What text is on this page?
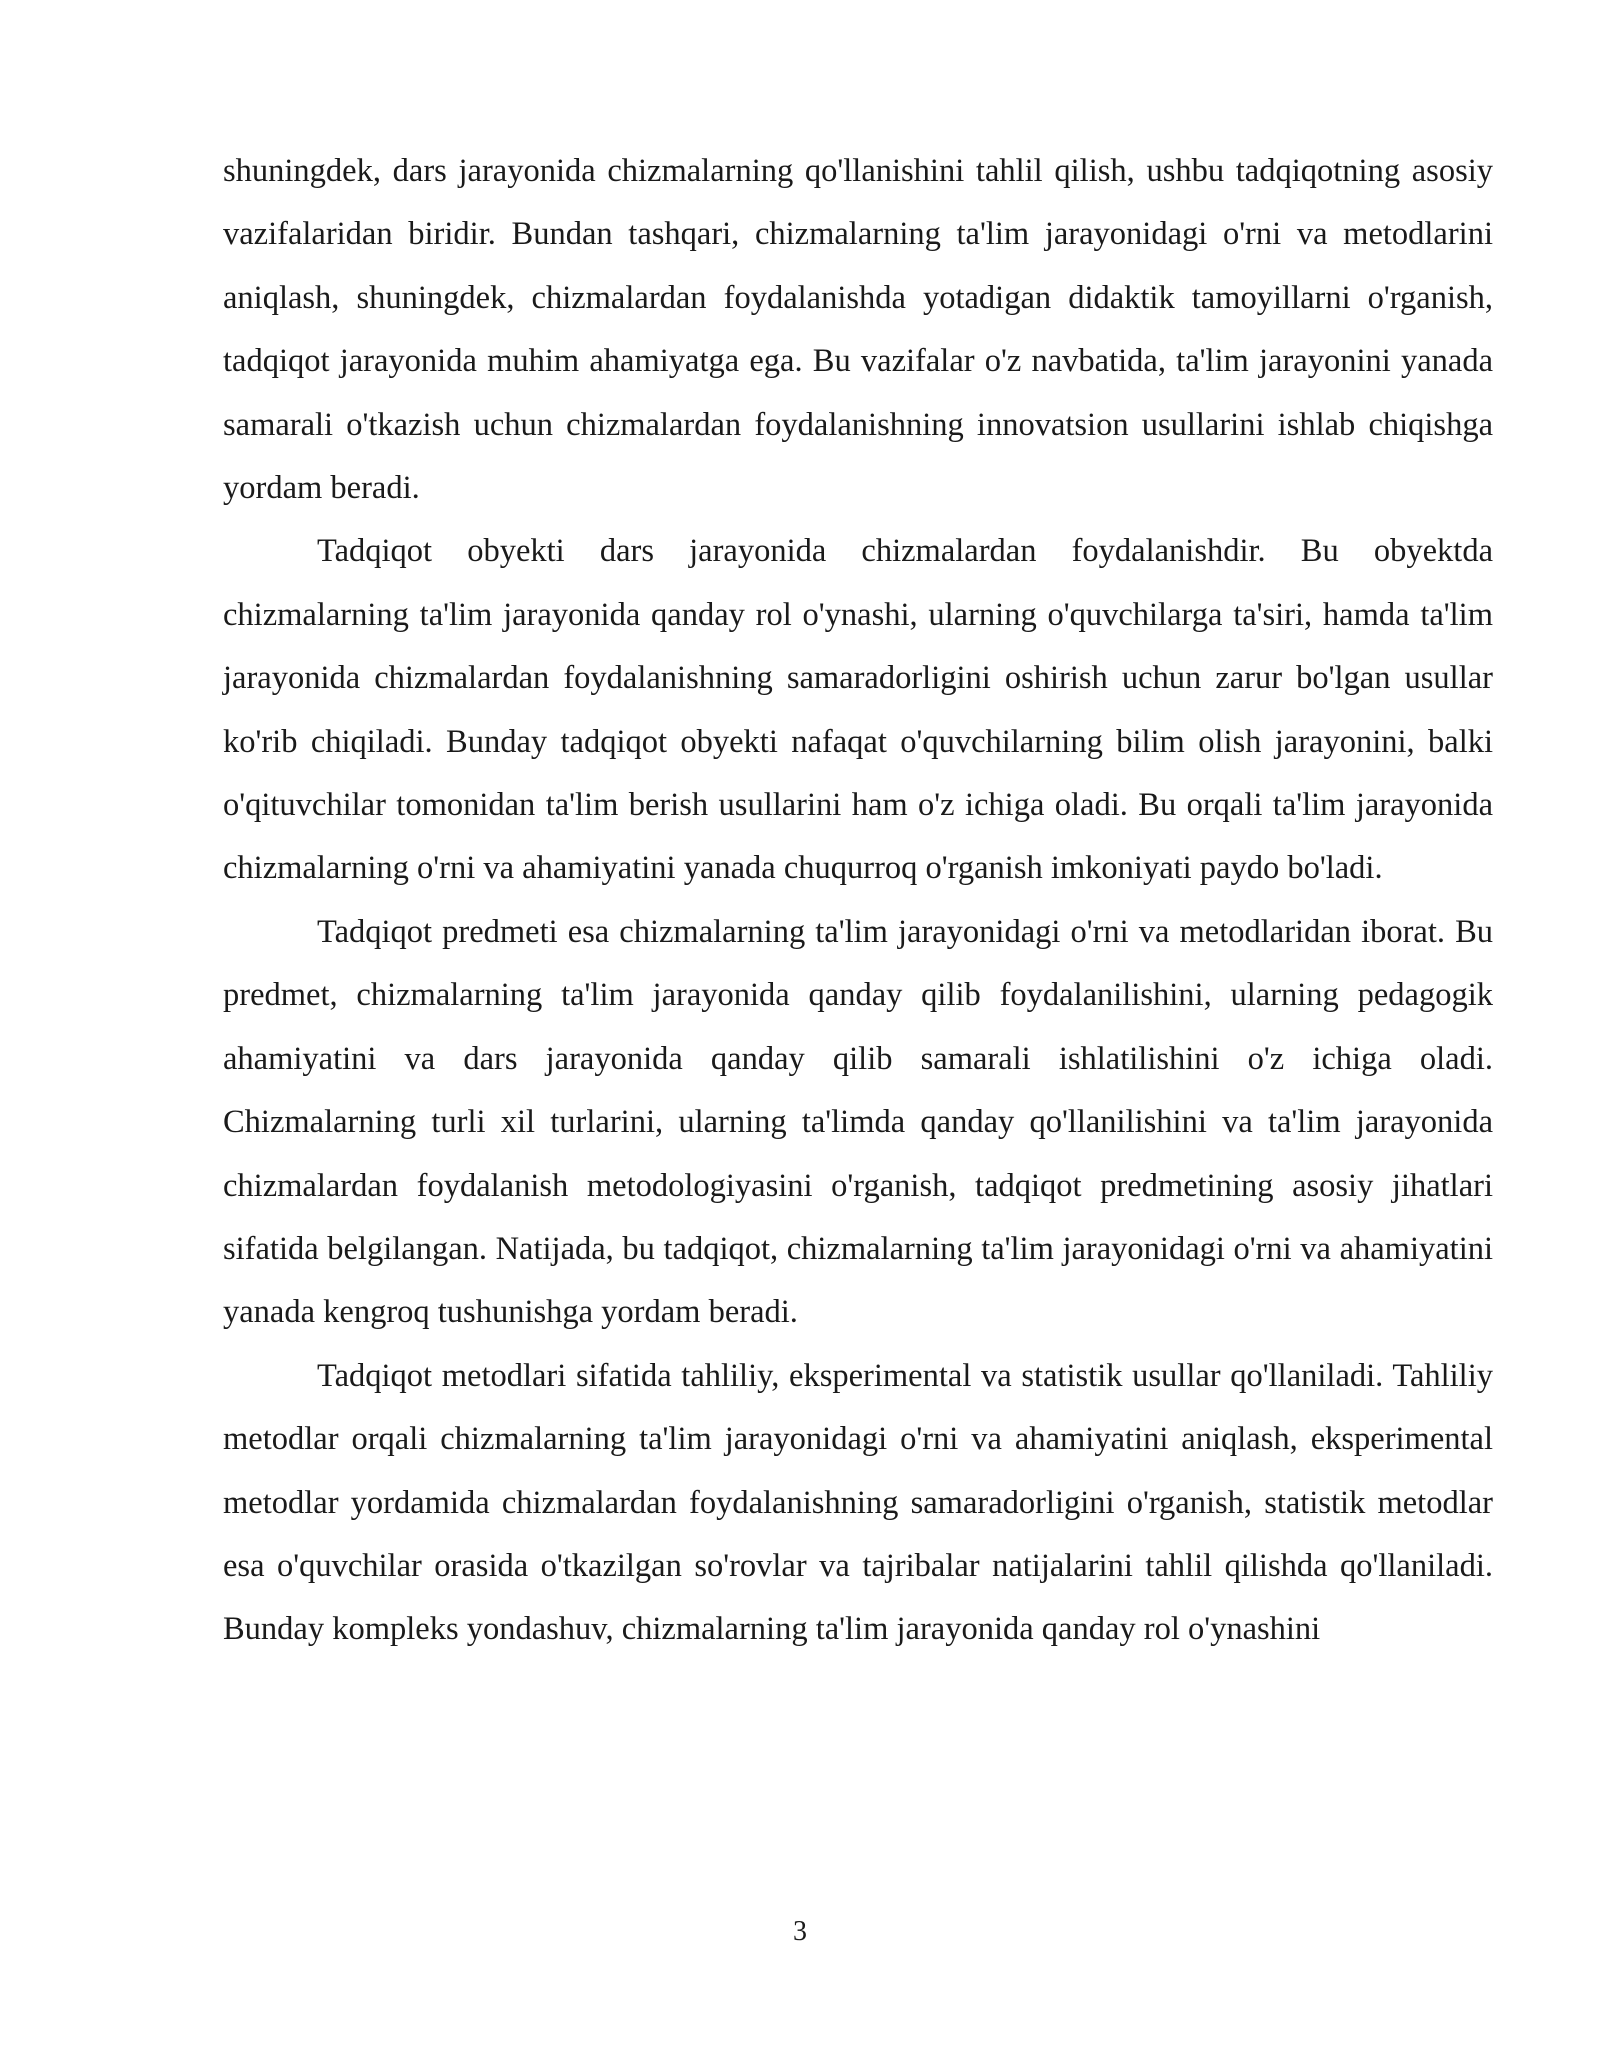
shuningdek, dars jarayonida chizmalarning qo'llanishini tahlil qilish, ushbu tadqiqotning asosiy vazifalaridan biridir. Bundan tashqari, chizmalarning ta'lim jarayonidagi o'rni va metodlarini aniqlash, shuningdek, chizmalardan foydalanishda yotadigan didaktik tamoyillarni o'rganish, tadqiqot jarayonida muhim ahamiyatga ega. Bu vazifalar o'z navbatida, ta'lim jarayonini yanada samarali o'tkazish uchun chizmalardan foydalanishning innovatsion usullarini ishlab chiqishga yordam beradi.

Tadqiqot obyekti dars jarayonida chizmalardan foydalanishdir. Bu obyektda chizmalarning ta'lim jarayonida qanday rol o'ynashi, ularning o'quvchilarga ta'siri, hamda ta'lim jarayonida chizmalardan foydalanishning samaradorligini oshirish uchun zarur bo'lgan usullar ko'rib chiqiladi. Bunday tadqiqot obyekti nafaqat o'quvchilarning bilim olish jarayonini, balki o'qituvchilar tomonidan ta'lim berish usullarini ham o'z ichiga oladi. Bu orqali ta'lim jarayonida chizmalarning o'rni va ahamiyatini yanada chuqurroq o'rganish imkoniyati paydo bo'ladi.

Tadqiqot predmeti esa chizmalarning ta'lim jarayonidagi o'rni va metodlaridan iborat. Bu predmet, chizmalarning ta'lim jarayonida qanday qilib foydalanilishini, ularning pedagogik ahamiyatini va dars jarayonida qanday qilib samarali ishlatilishini o'z ichiga oladi. Chizmalarning turli xil turlarini, ularning ta'limda qanday qo'llanilishini va ta'lim jarayonida chizmalardan foydalanish metodologiyasini o'rganish, tadqiqot predmetining asosiy jihatlari sifatida belgilangan. Natijada, bu tadqiqot, chizmalarning ta'lim jarayonidagi o'rni va ahamiyatini yanada kengroq tushunishga yordam beradi.

Tadqiqot metodlari sifatida tahliliy, eksperimental va statistik usullar qo'llaniladi. Tahliliy metodlar orqali chizmalarning ta'lim jarayonidagi o'rni va ahamiyatini aniqlash, eksperimental metodlar yordamida chizmalardan foydalanishning samaradorligini o'rganish, statistik metodlar esa o'quvchilar orasida o'tkazilgan so'rovlar va tajribalar natijalarini tahlil qilishda qo'llaniladi. Bunday kompleks yondashuv, chizmalarning ta'lim jarayonida qanday rol o'ynashini

3
